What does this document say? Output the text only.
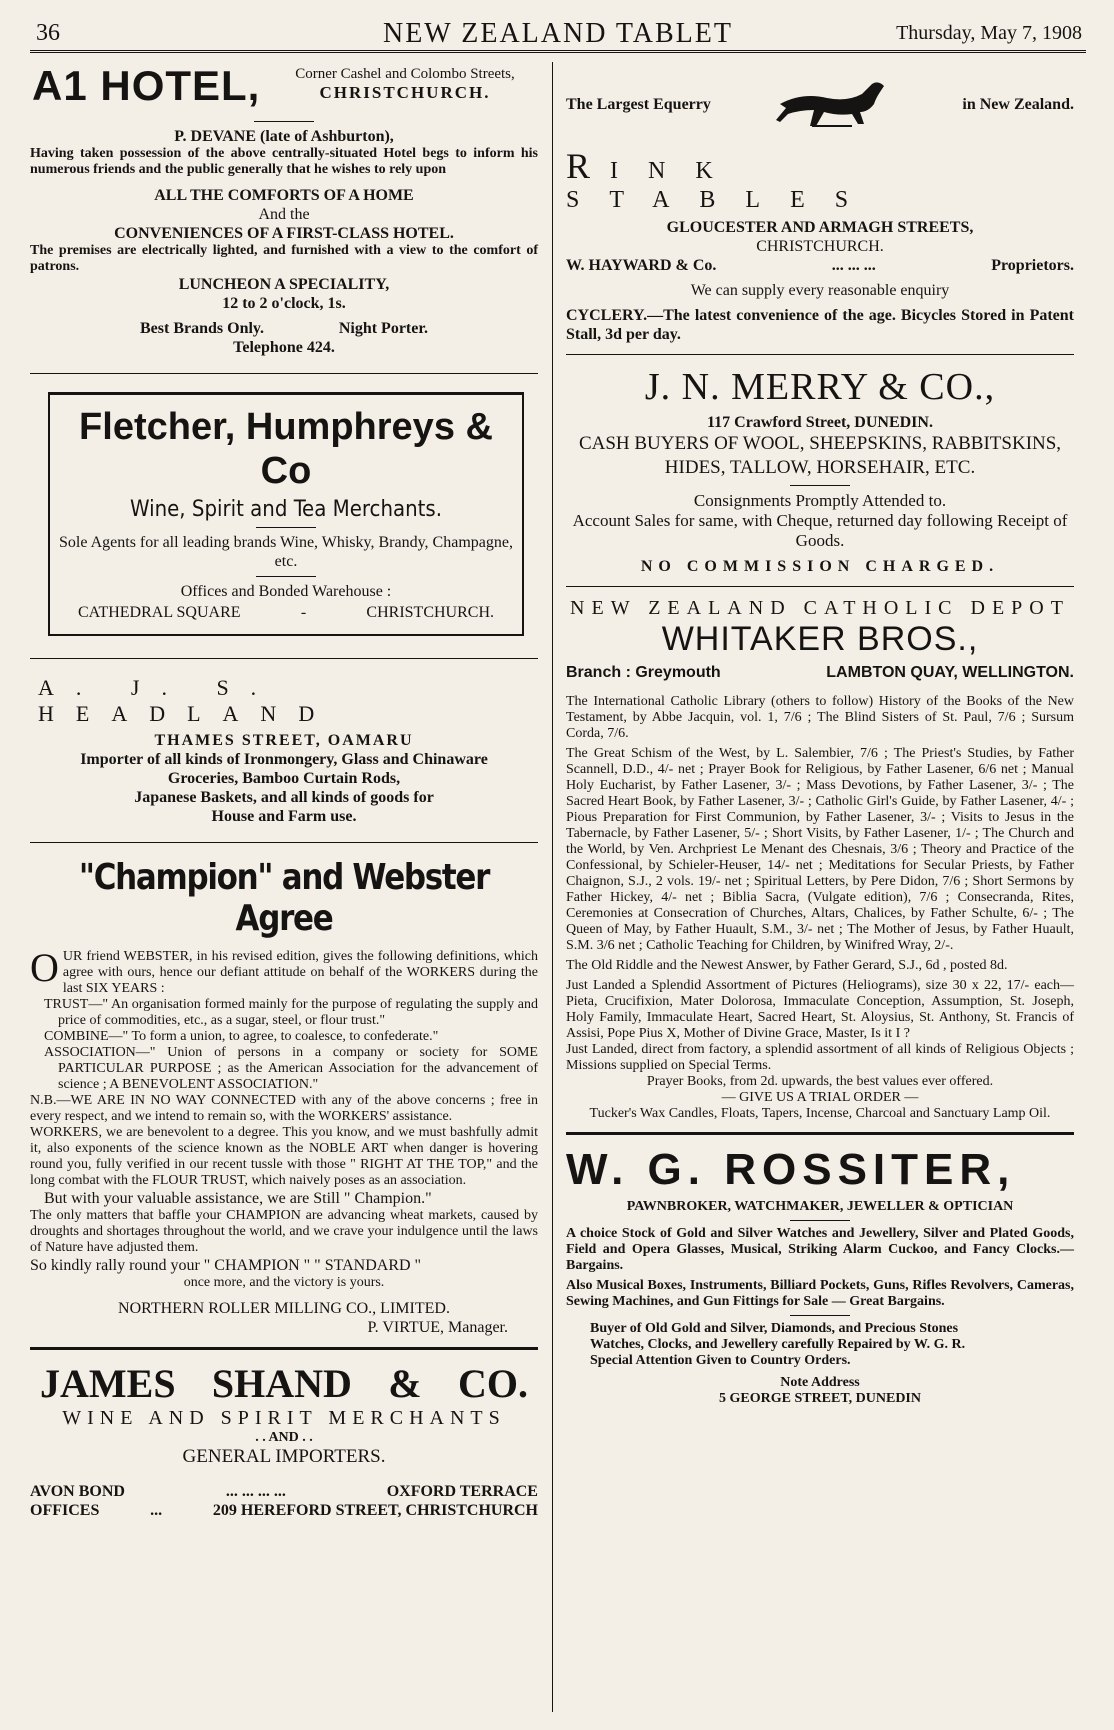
36	NEW ZEALAND TABLET	Thursday, May 7, 1908
A1 HOTEL,	Corner Cashel and Colombo Streets,
CHRISTCHURCH.

P. DEVANE (late of Ashburton),

Having taken possession of the above centrally-situated Hotel begs to inform his numerous friends and the public generally that he wishes to rely upon

ALL THE COMFORTS OF A HOME

And the

CONVENIENCES OF A FIRST-CLASS HOTEL.

The premises are electrically lighted, and furnished with a view to the comfort of patrons.

LUNCHEON A SPECIALITY,

12 to 2 o'clock, 1s.

Best Brands Only.	Night Porter.

Telephone 424.

Fletcher, Humphreys & Co
Wine, Spirit and Tea Merchants.

Sole Agents for all leading brands Wine, Whisky, Brandy, Champagne, etc.

Offices and Bonded Warehouse :

CATHEDRAL SQUARE	-	CHRISTCHURCH.
A. J. S. HEADLAND

THAMES STREET, OAMARU

Importer of all kinds of Ironmongery, Glass and Chinaware

Groceries, Bamboo Curtain Rods,

Japanese Baskets, and all kinds of goods for

House and Farm use.

"Champion" and Webster Agree

O UR friend WEBSTER, in his revised edition, gives the following definitions, which agree with ours, hence our defiant attitude on behalf of the WORKERS during the last SIX YEARS :

TRUST—" An organisation formed mainly for the purpose of regulating the supply and price of commodities, etc., as a sugar, steel, or flour trust."

COMBINE—" To form a union, to agree, to coalesce, to confederate."

ASSOCIATION—" Union of persons in a company or society for SOME PARTICULAR PURPOSE ; as the American Association for the advancement of science ; A BENEVOLENT ASSOCIATION."

N.B.—WE ARE IN NO WAY CONNECTED with any of the above concerns ; free in every respect, and we intend to remain so, with the WORKERS' assistance.

WORKERS, we are benevolent to a degree. This you know, and we must bashfully admit it, also exponents of the science known as the NOBLE ART when danger is hovering round you, fully verified in our recent tussle with those " RIGHT AT THE TOP," and the long combat with the FLOUR TRUST, which naively poses as an association.

But with your valuable assistance, we are Still " Champion."

The only matters that baffle your CHAMPION are advancing wheat markets, caused by droughts and shortages throughout the world, and we crave your indulgence until the laws of Nature have adjusted them.

So kindly rally round your " CHAMPION " " STANDARD "

once more, and the victory is yours.

NORTHERN ROLLER MILLING CO., LIMITED.

P. VIRTUE, Manager.

JAMES SHAND & CO.

WINE AND SPIRIT MERCHANTS

. . AND . .

GENERAL IMPORTERS.

AVON BOND	... ... ... ...	OXFORD TERRACE
OFFICES	...	209 HEREFORD STREET, CHRISTCHURCH
The Largest Equerry	in New Zealand.
RINK STABLES

GLOUCESTER AND ARMAGH STREETS,

CHRISTCHURCH.

W. HAYWARD & Co.	... ... ...	Proprietors.

We can supply every reasonable enquiry

CYCLERY.—The latest convenience of the age. Bicycles Stored in Patent Stall, 3d per day.

J. N. MERRY & CO.,

117 Crawford Street, DUNEDIN.

CASH BUYERS OF WOOL, SHEEPSKINS, RABBITSKINS, HIDES, TALLOW, HORSEHAIR, ETC.

Consignments Promptly Attended to.

Account Sales for same, with Cheque, returned day following Receipt of Goods.

NO COMMISSION CHARGED.

NEW ZEALAND CATHOLIC DEPOT

WHITAKER BROS.,
Branch : Greymouth	LAMBTON QUAY, WELLINGTON.

The International Catholic Library (others to follow) History of the Books of the New Testament, by Abbe Jacquin, vol. 1, 7/6 ; The Blind Sisters of St. Paul, 7/6 ; Sursum Corda, 7/6.

The Great Schism of the West, by L. Salembier, 7/6 ; The Priest's Studies, by Father Scannell, D.D., 4/- net ; Prayer Book for Religious, by Father Lasener, 6/6 net ; Manual Holy Eucharist, by Father Lasener, 3/- ; Mass Devotions, by Father Lasener, 3/- ; The Sacred Heart Book, by Father Lasener, 3/- ; Catholic Girl's Guide, by Father Lasener, 4/- ; Pious Preparation for First Communion, by Father Lasener, 3/- ; Visits to Jesus in the Tabernacle, by Father Lasener, 5/- ; Short Visits, by Father Lasener, 1/- ; The Church and the World, by Ven. Archpriest Le Menant des Chesnais, 3/6 ; Theory and Practice of the Confessional, by Schieler-Heuser, 14/- net ; Meditations for Secular Priests, by Father Chaignon, S.J., 2 vols. 19/- net ; Spiritual Letters, by Pere Didon, 7/6 ; Short Sermons by Father Hickey, 4/- net ; Biblia Sacra, (Vulgate edition), 7/6 ; Consecranda, Rites, Ceremonies at Consecration of Churches, Altars, Chalices, by Father Schulte, 6/- ; The Queen of May, by Father Huault, S.M., 3/- net ; The Mother of Jesus, by Father Huault, S.M. 3/6 net ; Catholic Teaching for Children, by Winifred Wray, 2/-.

The Old Riddle and the Newest Answer, by Father Gerard, S.J., 6d , posted 8d.

Just Landed a Splendid Assortment of Pictures (Heliograms), size 30 x 22, 17/- each—Pieta, Crucifixion, Mater Dolorosa, Immaculate Conception, Assumption, St. Joseph, Holy Family, Immaculate Heart, Sacred Heart, St. Aloysius, St. Anthony, St. Francis of Assisi, Pope Pius X, Mother of Divine Grace, Master, Is it I ?

Just Landed, direct from factory, a splendid assortment of all kinds of Religious Objects ; Missions supplied on Special Terms.

Prayer Books, from 2d. upwards, the best values ever offered.

— GIVE US A TRIAL ORDER —

Tucker's Wax Candles, Floats, Tapers, Incense, Charcoal and Sanctuary Lamp Oil.

W. G. ROSSITER,

PAWNBROKER, WATCHMAKER, JEWELLER & OPTICIAN

A choice Stock of Gold and Silver Watches and Jewellery, Silver and Plated Goods, Field and Opera Glasses, Musical, Striking Alarm Cuckoo, and Fancy Clocks.—Bargains.

Also Musical Boxes, Instruments, Billiard Pockets, Guns, Rifles Revolvers, Cameras, Sewing Machines, and Gun Fittings for Sale — Great Bargains.

Buyer of Old Gold and Silver, Diamonds, and Precious Stones

Watches, Clocks, and Jewellery carefully Repaired by W. G. R.

Special Attention Given to Country Orders.

Note Address

5 GEORGE STREET, DUNEDIN
